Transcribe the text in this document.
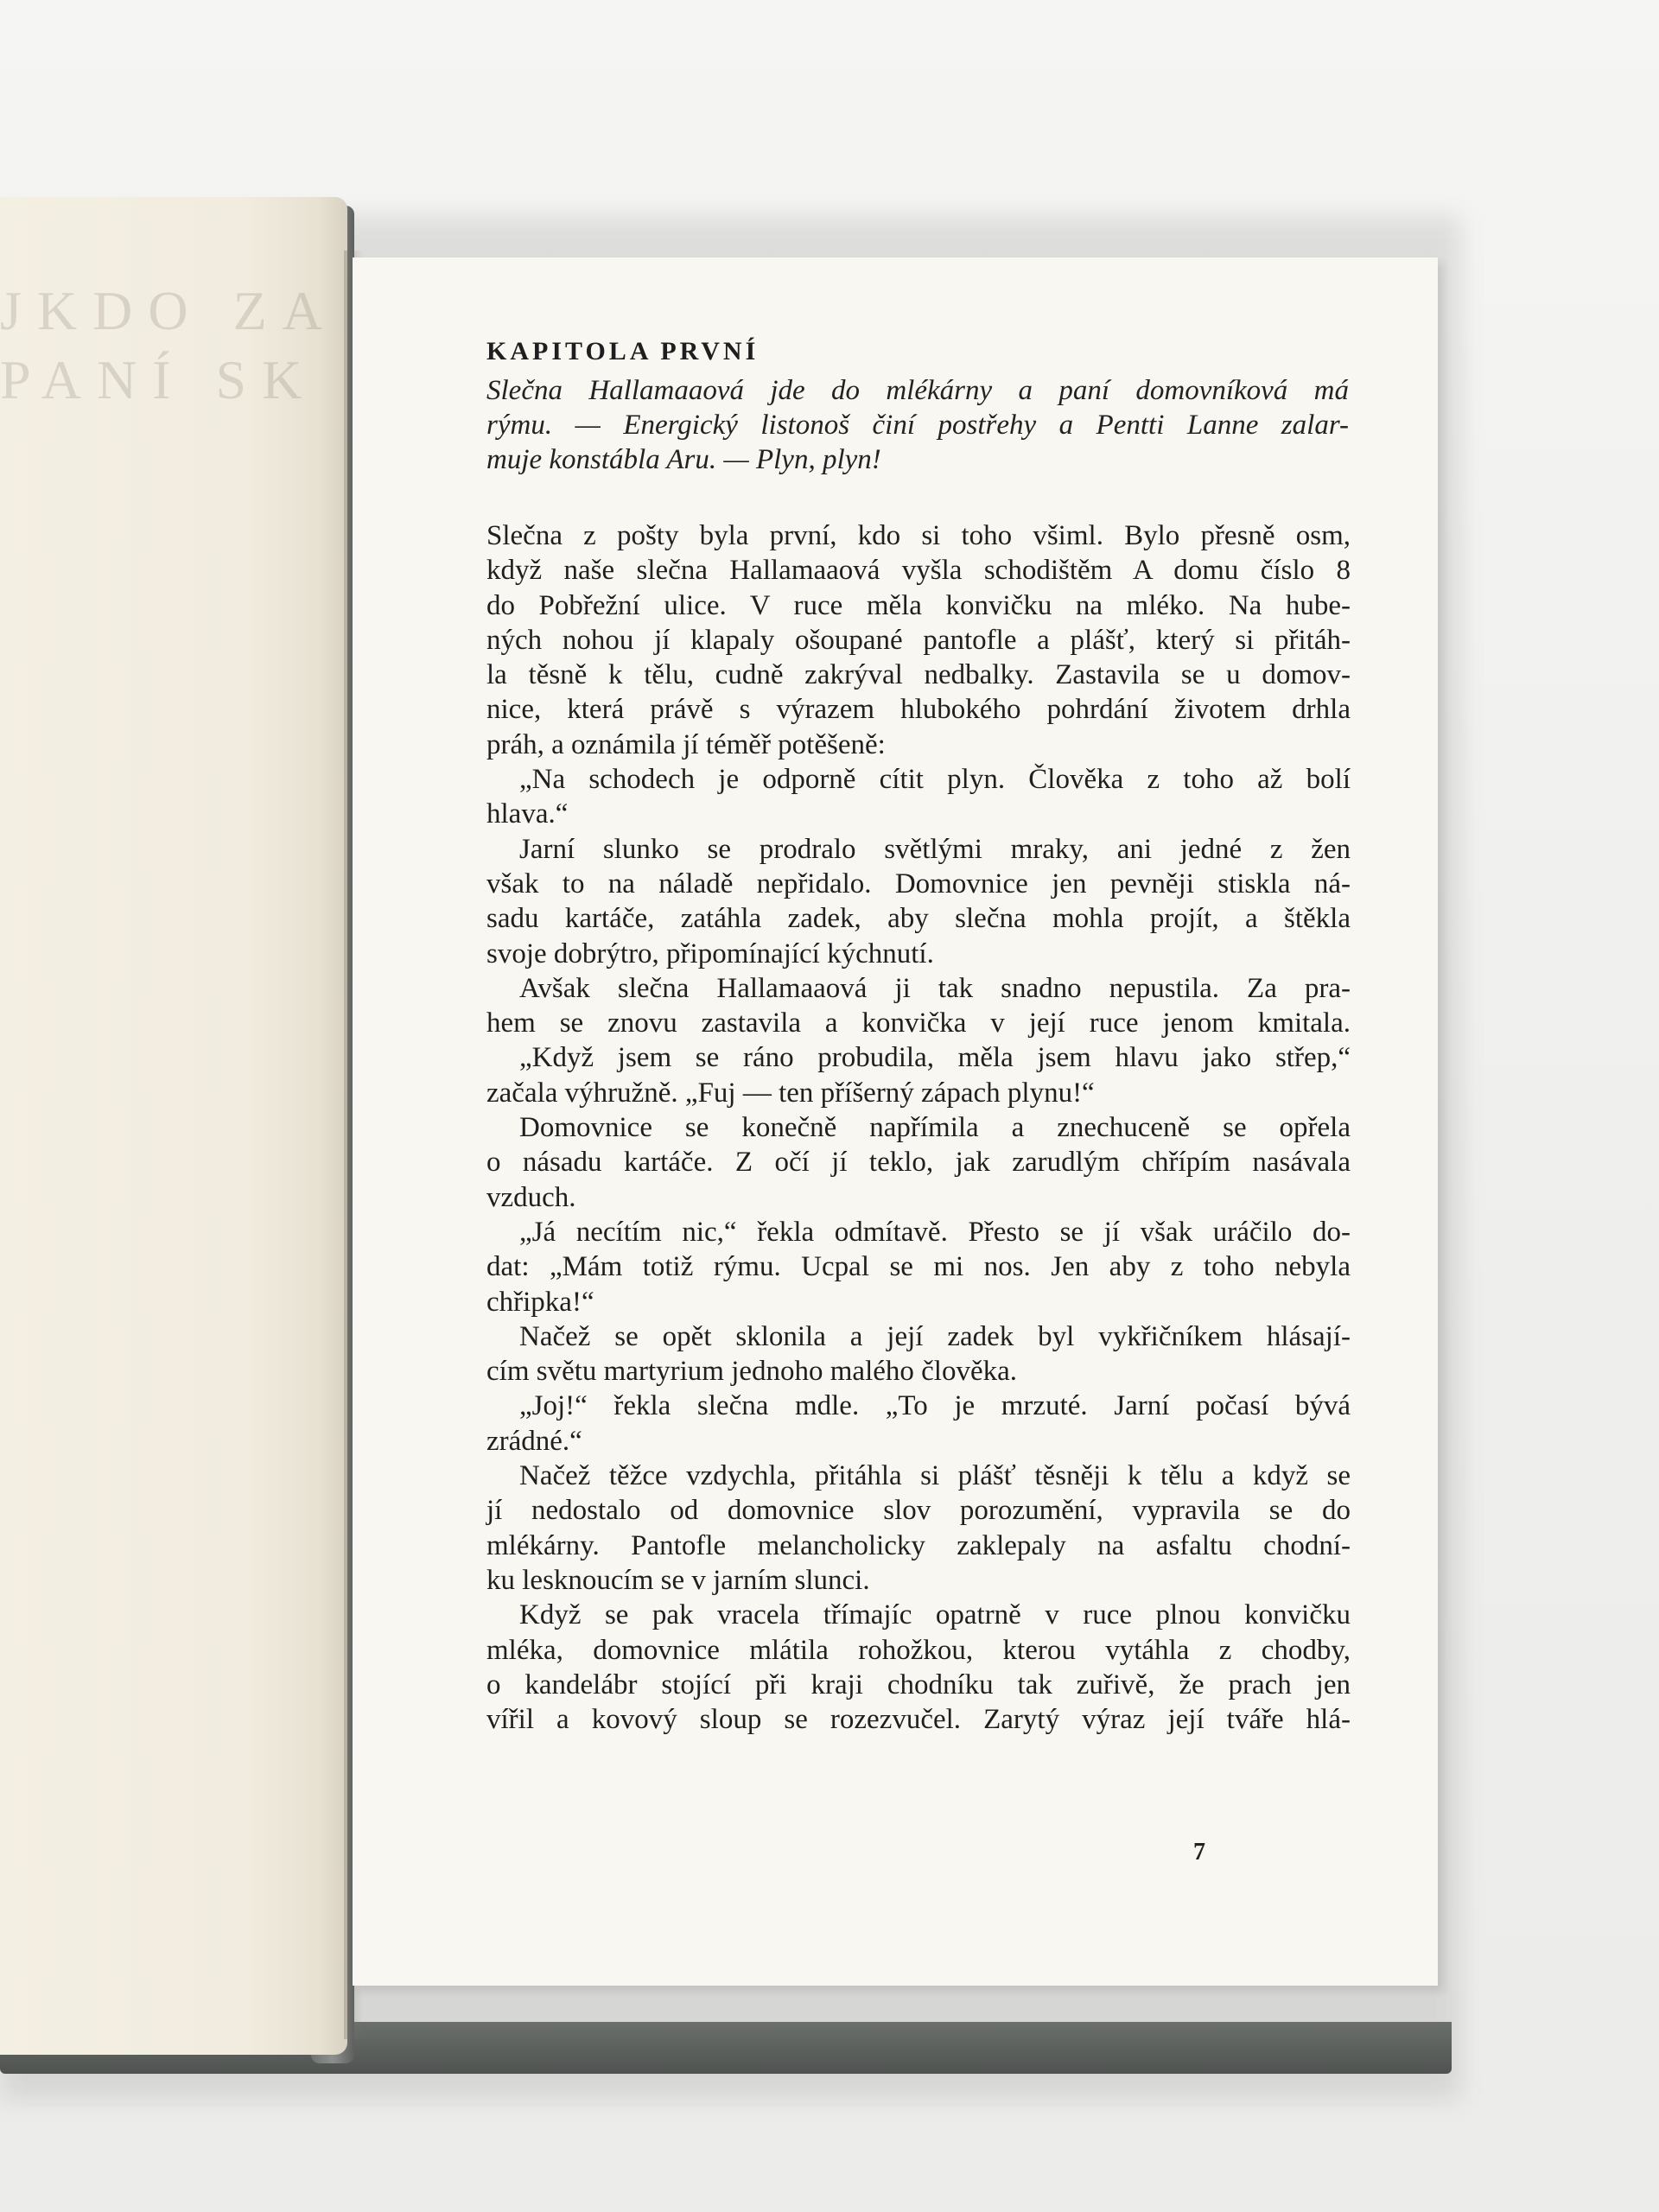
JKDO ZA
PANÍ SK	KAPITOLA PRVNÍ
Slečna Hallamaaová jde do mlékárny a paní domovníková má
rýmu. — Energický listonoš činí postřehy a Pentti Lanne zalar-
muje konstábla Aru. — Plyn, plyn!
Slečna z pošty byla první, kdo si toho všiml. Bylo přesně osm,
když naše slečna Hallamaaová vyšla schodištěm A domu číslo 8
do Pobřežní ulice. V ruce měla konvičku na mléko. Na hube-
ných nohou jí klapaly ošoupané pantofle a plášť, který si přitáh-
la těsně k tělu, cudně zakrýval nedbalky. Zastavila se u domov-
nice, která právě s výrazem hlubokého pohrdání životem drhla
práh, a oznámila jí téměř potěšeně:
„Na schodech je odporně cítit plyn. Člověka z toho až bolí
hlava.“
Jarní slunko se prodralo světlými mraky, ani jedné z žen
však to na náladě nepřidalo. Domovnice jen pevněji stiskla ná-
sadu kartáče, zatáhla zadek, aby slečna mohla projít, a štěkla
svoje dobrýtro, připomínající kýchnutí.
Avšak slečna Hallamaaová ji tak snadno nepustila. Za pra-
hem se znovu zastavila a konvička v její ruce jenom kmitala.
„Když jsem se ráno probudila, měla jsem hlavu jako střep,“
začala výhružně. „Fuj — ten příšerný zápach plynu!“
Domovnice se konečně napřímila a znechuceně se opřela
o násadu kartáče. Z očí jí teklo, jak zarudlým chřípím nasávala
vzduch.
„Já necítím nic,“ řekla odmítavě. Přesto se jí však uráčilo do-
dat: „Mám totiž rýmu. Ucpal se mi nos. Jen aby z toho nebyla
chřipka!“
Načež se opět sklonila a její zadek byl vykřičníkem hlásají-
cím světu martyrium jednoho malého člověka.
„Joj!“ řekla slečna mdle. „To je mrzuté. Jarní počasí bývá
zrádné.“
Načež těžce vzdychla, přitáhla si plášť těsněji k tělu a když se
jí nedostalo od domovnice slov porozumění, vypravila se do
mlékárny. Pantofle melancholicky zaklepaly na asfaltu chodní-
ku lesknoucím se v jarním slunci.
Když se pak vracela třímajíc opatrně v ruce plnou konvičku
mléka, domovnice mlátila rohožkou, kterou vytáhla z chodby,
o kandelábr stojící při kraji chodníku tak zuřivě, že prach jen
vířil a kovový sloup se rozezvučel. Zarytý výraz její tváře hlá-
7
